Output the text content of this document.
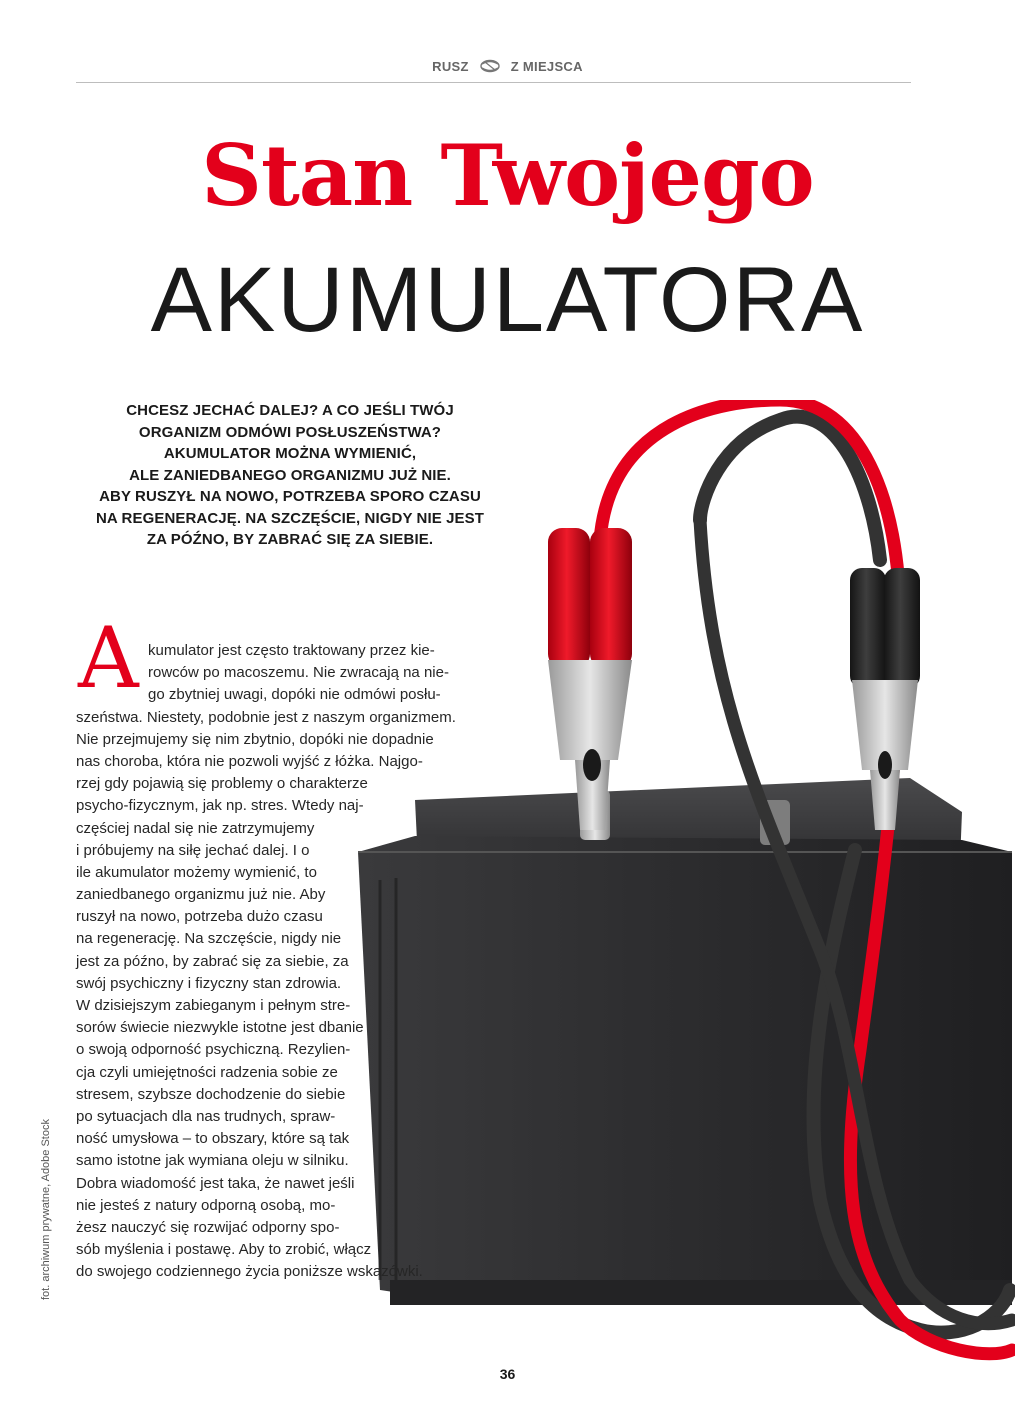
RUSZ	Z MIEJSCA
Stan Twojego
AKUMULATORA
CHCESZ JECHAĆ DALEJ? A CO JEŚLI TWÓJ
ORGANIZM ODMÓWI POSŁUSZEŃSTWA?
AKUMULATOR MOŻNA WYMIENIĆ,
ALE ZANIEDBANEGO ORGANIZMU JUŻ NIE.
ABY RUSZYŁ NA NOWO, POTRZEBA SPORO CZASU
NA REGENERACJĘ. NA SZCZĘŚCIE, NIGDY NIE JEST
ZA PÓŹNO, BY ZABRAĆ SIĘ ZA SIEBIE.
A kumulator jest często traktowany przez kie-
rowców po macoszemu. Nie zwracają na nie-
go zbytniej uwagi, dopóki nie odmówi posłu-
szeństwa. Niestety, podobnie jest z naszym organizmem.
Nie przejmujemy się nim zbytnio, dopóki nie dopadnie
nas choroba, która nie pozwoli wyjść z łóżka. Najgo-
rzej gdy pojawią się problemy o charakterze
psycho-fizycznym, jak np. stres. Wtedy naj-
częściej nadal się nie zatrzymujemy
i próbujemy na siłę jechać dalej. I o
ile akumulator możemy wymienić, to
zaniedbanego organizmu już nie. Aby
ruszył na nowo, potrzeba dużo czasu
na regenerację. Na szczęście, nigdy nie
jest za późno, by zabrać się za siebie, za
swój psychiczny i fizyczny stan zdrowia.
W dzisiejszym zabieganym i pełnym stre-
sorów świecie niezwykle istotne jest dbanie
o swoją odporność psychiczną. Rezylien-
cja czyli umiejętności radzenia sobie ze
stresem, szybsze dochodzenie do siebie
po sytuacjach dla nas trudnych, spraw-
ność umysłowa – to obszary, które są tak
samo istotne jak wymiana oleju w silniku.
Dobra wiadomość jest taka, że nawet jeśli
nie jesteś z natury odporną osobą, mo-
żesz nauczyć się rozwijać odporny spo-
sób myślenia i postawę. Aby to zrobić, włącz
do swojego codziennego życia poniższe wskazówki.
fot. archiwum prywatne, Adobe Stock
36
